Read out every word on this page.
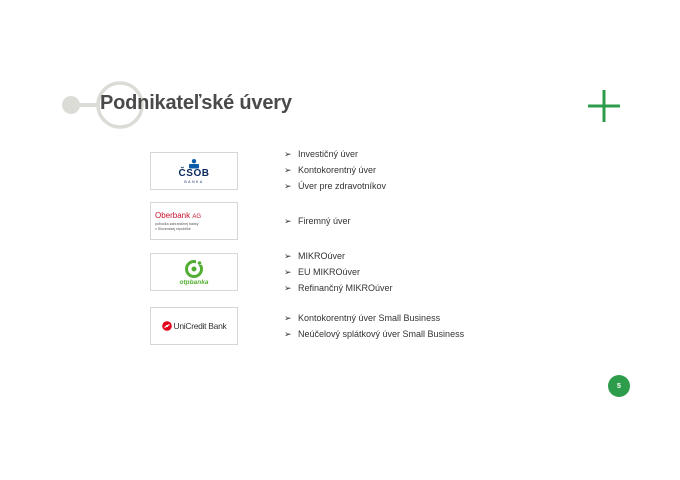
Podnikateľské úvery
ČSOB
BANKA
➢ Investičný úver
➢ Kontokorentný úver
➢ Úver pre zdravotníkov
Oberbank AG
pobočka zahraničnej banky
v Slovenskej republike
➢ Firemný úver
otpbanka
➢ MIKROúver
➢ EU MIKROúver
➢ Refinančný MIKROúver
UniCredit Bank
➢ Kontokorentný úver Small Business
➢ Neúčelový splátkový úver Small Business
5
